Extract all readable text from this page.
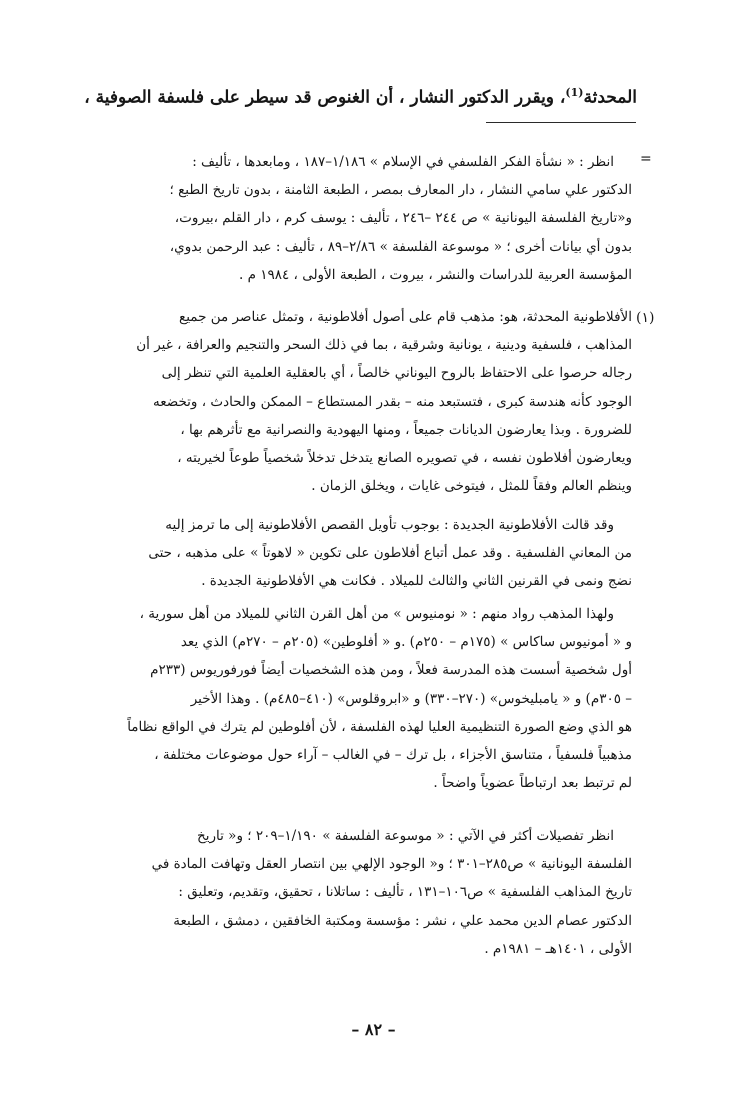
المحدثة$^{(1)}$، ويقرر الدكتور النشار ، أن الغنوص قد سيطر على فلسفة الصوفية ،
=
انظر : « نشأة الفكر الفلسفي في الإسلام » ١/١٨٦–١٨٧ ، ومابعدها ، تأليف :
الدكتور علي سامي النشار ، دار المعارف بمصر ، الطبعة الثامنة ، بدون تاريخ الطبع ؛
و«تاريخ الفلسفة اليونانية » ص ٢٤٤ –٢٤٦ ، تأليف : يوسف كرم ، دار القلم ،بيروت،
بدون أي بيانات أخرى ؛ « موسوعة الفلسفة » ٢/٨٦–٨٩ ، تأليف : عبد الرحمن بدوي،
المؤسسة العربية للدراسات والنشر ، بيروت ، الطبعة الأولى ، ١٩٨٤ م .
(١)
الأفلاطونية المحدثة، هو: مذهب قام على أصول أفلاطونية ، وتمثل عناصر من جميع
المذاهب ، فلسفية ودينية ، يونانية وشرقية ، بما في ذلك السحر والتنجيم والعرافة ، غير أن
رجاله حرصوا على الاحتفاظ بالروح اليوناني خالصاً ، أي بالعقلية العلمية التي تنظر إلى
الوجود كأنه هندسة كبرى ، فتستبعد منه – بقدر المستطاع – الممكن والحادث ، وتخضعه
للضرورة . وبذا يعارضون الديانات جميعاً ، ومنها اليهودية والنصرانية مع تأثرهم بها ،
ويعارضون أفلاطون نفسه ، في تصويره الصانع يتدخل تدخلاً شخصياً طوعاً لخيريته ،
وينظم العالم وفقاً للمثل ، فيتوخى غايات ، ويخلق الزمان .
وقد قالت الأفلاطونية الجديدة : بوجوب تأويل القصص الأفلاطونية إلى ما ترمز إليه
من المعاني الفلسفية . وقد عمل أتباع أفلاطون على تكوين « لاهوتاً » على مذهبه ، حتى
نضج ونمى في القرنين الثاني والثالث للميلاد . فكانت هي الأفلاطونية الجديدة .
ولهذا المذهب رواد منهم : « نومنيوس » من أهل القرن الثاني للميلاد من أهل سورية ،
و « أمونيوس ساكاس » (١٧٥م – ٢٥٠م) .و « أفلوطين» (٢٠٥م – ٢٧٠م) الذي يعد
أول شخصية أسست هذه المدرسة فعلاً ، ومن هذه الشخصيات أيضاً فورفوريوس (٢٣٣م
– ٣٠٥م) و « يامبليخوس» (٢٧٠–٣٣٠) و «ابروقلوس» (٤١٠–٤٨٥م) . وهذا الأخير
هو الذي وضع الصورة التنظيمية العليا لهذه الفلسفة ، لأن أفلوطين لم يترك في الواقع نظاماً
مذهبياً فلسفياً ، متناسق الأجزاء ، بل ترك – في الغالب – آراء حول موضوعات مختلفة ،
لم ترتبط بعد ارتباطاً عضوياً واضحاً .
انظر تفصيلات أكثر في الآتي : « موسوعة الفلسفة » ١/١٩٠–٢٠٩ ؛ و« تاريخ
الفلسفة اليونانية » ص٢٨٥–٣٠١ ؛ و« الوجود الإلهي بين انتصار العقل وتهافت المادة في
تاريخ المذاهب الفلسفية » ص١٠٦–١٣١ ، تأليف : ساتلانا ، تحقيق، وتقديم، وتعليق :
الدكتور عصام الدين محمد علي ، نشر : مؤسسة ومكتبة الخافقين ، دمشق ، الطبعة
الأولى ، ١٤٠١هـ – ١٩٨١م .
– ٨٢ –
